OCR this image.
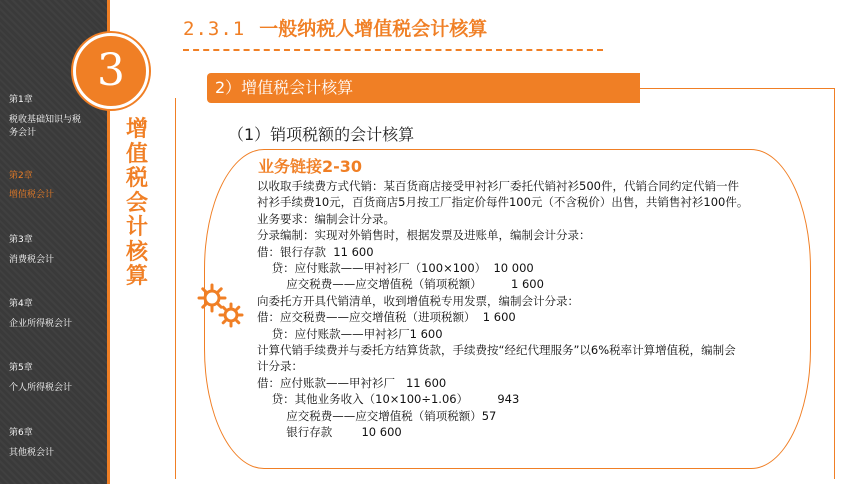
3
增值税会计核算
第1章
税收基础知识与税务会计
第2章
增值税会计
第3章
消费税会计
第4章
企业所得税会计
第5章
个人所得税会计
第6章
其他税会计
2.3.1 一般纳税人增值税会计核算
2）增值税会计核算
（1）销项税额的会计核算
业务链接2-30
以收取手续费方式代销：某百货商店接受甲衬衫厂委托代销衬衫500件，代销合同约定代销一件
衬衫手续费10元，百货商店5月按工厂指定价每件100元（不含税价）出售，共销售衬衫100件。
业务要求：编制会计分录。
分录编制：实现对外销售时，根据发票及进账单，编制会计分录：
借：银行存款  11 600
贷：应付账款——甲衬衫厂（100×100）  10 000
应交税费——应交增值税（销项税额）        1 600
向委托方开具代销清单，收到增值税专用发票，编制会计分录：
借：应交税费——应交增值税（进项税额）  1 600
贷：应付账款——甲衬衫厂1 600
计算代销手续费并与委托方结算货款，手续费按“经纪代理服务”以6%税率计算增值税，编制会
计分录：
借：应付账款——甲衬衫厂   11 600
贷：其他业务收入（10×100÷1.06）        943
应交税费——应交增值税（销项税额）57
银行存款        10 600
